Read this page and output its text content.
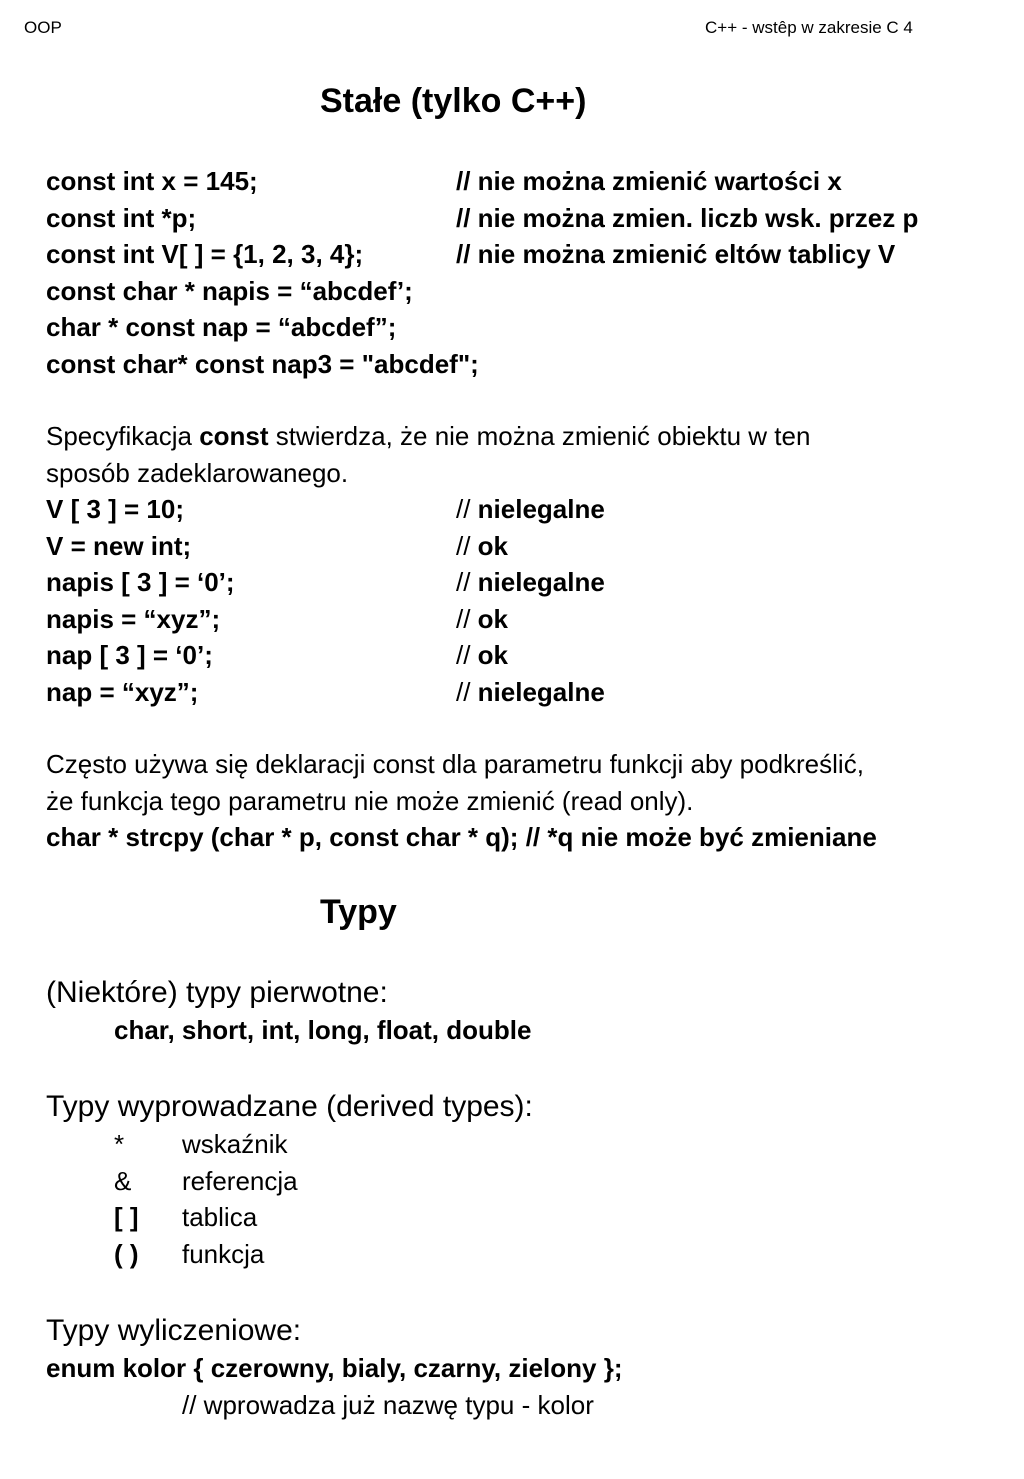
OOP	C++ - wstêp w zakresie C 4
Stałe (tylko C++)
const int x = 145;	// nie można zmienić wartości x
const int *p;	// nie można zmien. liczb wsk. przez p
const int V[ ] = {1, 2, 3, 4};	// nie można zmienić eltów tablicy V
const char * napis = “abcdef’;
char * const nap = “abcdef”;
const char* const nap3 = "abcdef";
Specyfikacja const stwierdza, że nie można zmienić obiektu w ten
sposób zadeklarowanego.
V [ 3 ] = 10;	// nielegalne
V = new int;	// ok
napis [ 3 ] = ‘0’;	// nielegalne
napis = “xyz”;	// ok
nap [ 3 ] = ‘0’;	// ok
nap = “xyz”;	// nielegalne
Często używa się deklaracji const dla parametru funkcji aby podkreślić,
że funkcja tego parametru nie może zmienić (read only).
char * strcpy (char * p, const char * q); // *q nie może być zmieniane
Typy
(Niektóre) typy pierwotne:
char, short, int, long, float, double
Typy wyprowadzane (derived types):
* wskaźnik
& referencja
[ ] tablica
( ) funkcja
Typy wyliczeniowe:
enum kolor { czerowny, bialy, czarny, zielony };
// wprowadza już nazwę typu - kolor
